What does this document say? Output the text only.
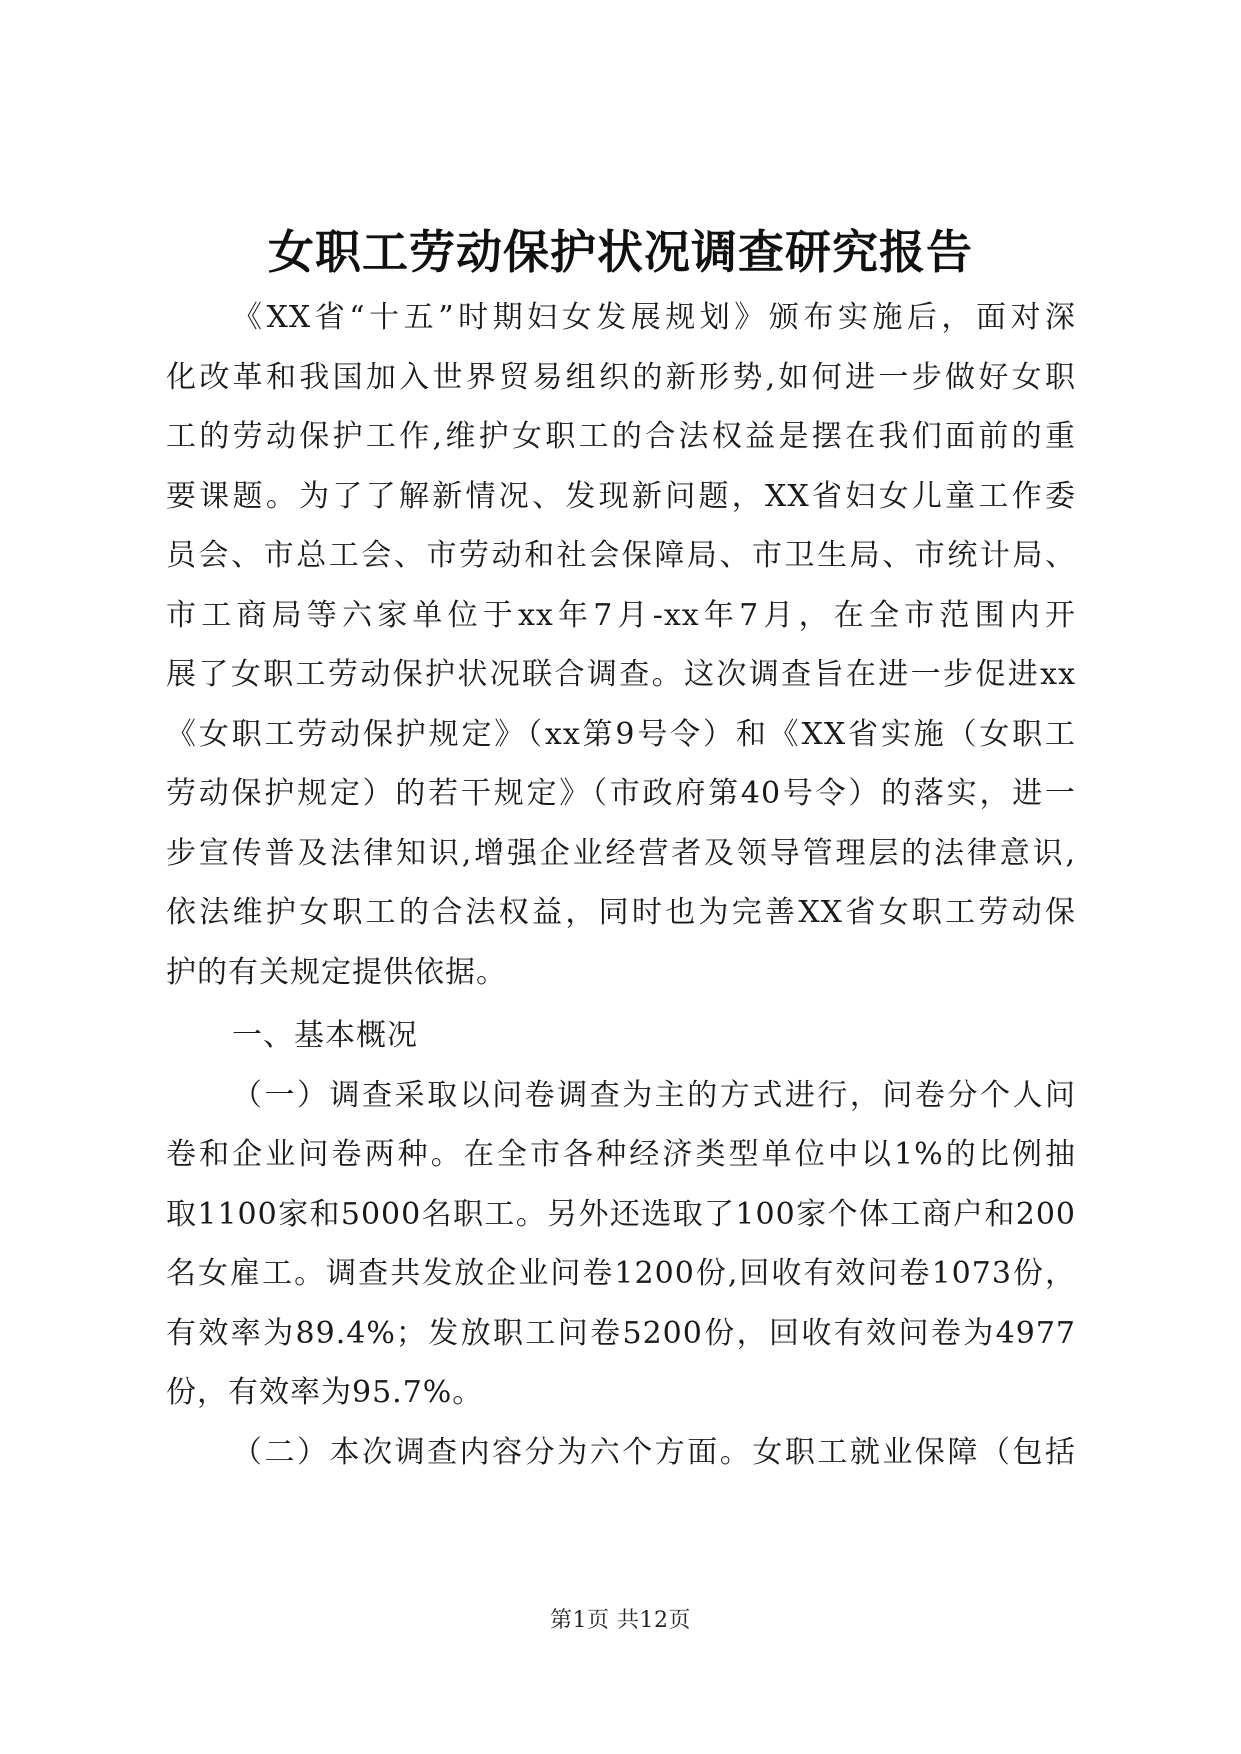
女职工劳动保护状况调查研究报告
《XX省“十五”时期妇女发展规划》颁布实施后，面对深
化改革和我国加入世界贸易组织的新形势,如何进一步做好女职
工的劳动保护工作,维护女职工的合法权益是摆在我们面前的重
要课题。为了了解新情况、发现新问题，XX省妇女儿童工作委
员会、市总工会、市劳动和社会保障局、市卫生局、市统计局、
市工商局等六家单位于xx年7月-xx年7月，在全市范围内开
展了女职工劳动保护状况联合调查。这次调查旨在进一步促进xx
《女职工劳动保护规定》（xx第9号令）和《XX省实施（女职工
劳动保护规定）的若干规定》（市政府第40号令）的落实，进一
步宣传普及法律知识,增强企业经营者及领导管理层的法律意识,
依法维护女职工的合法权益，同时也为完善XX省女职工劳动保
护的有关规定提供依据。
一、基本概况
（一）调查采取以问卷调查为主的方式进行，问卷分个人问
卷和企业问卷两种。在全市各种经济类型单位中以1%的比例抽
取1100家和5000名职工。另外还选取了100家个体工商户和200
名女雇工。调查共发放企业问卷1200份,回收有效问卷1073份，
有效率为89.4%；发放职工问卷5200份，回收有效问卷为4977
份，有效率为95.7%。
（二）本次调查内容分为六个方面。女职工就业保障（包括
第1页 共12页
